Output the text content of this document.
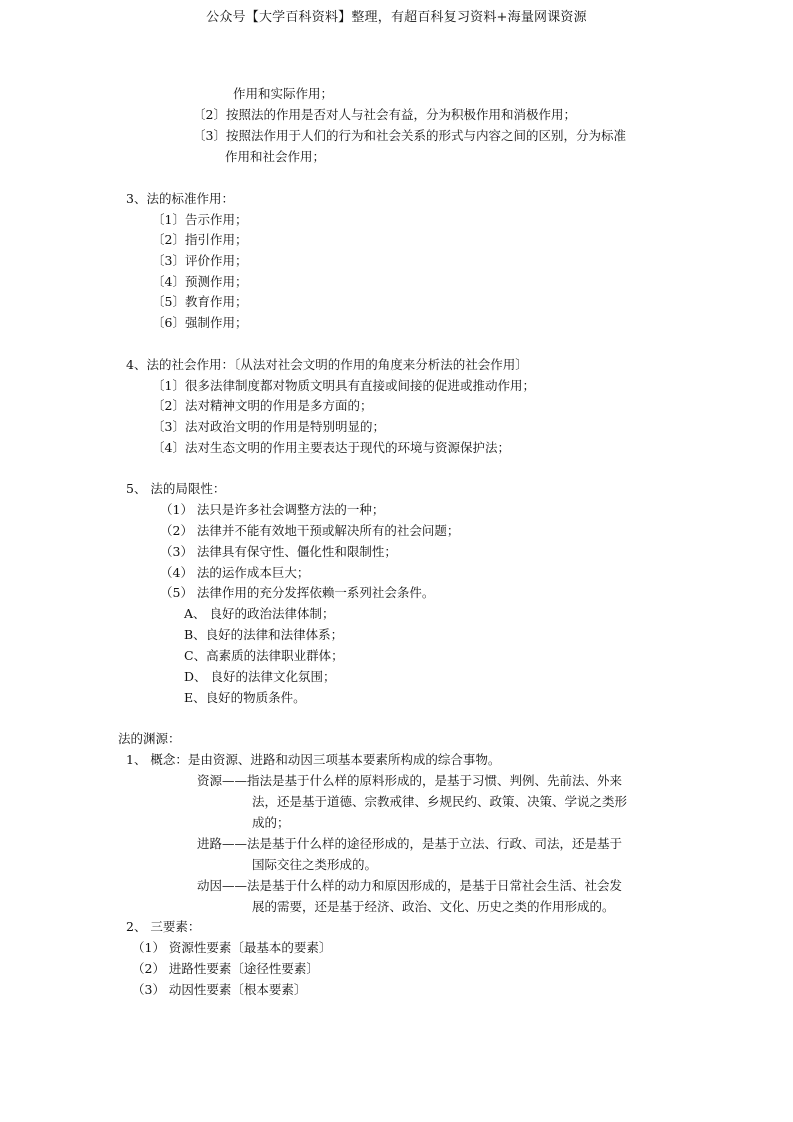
公众号【大学百科资料】整理，有超百科复习资料+海量网课资源
作用和实际作用；
〔2〕按照法的作用是否对人与社会有益，分为积极作用和消极作用；
〔3〕按照法作用于人们的行为和社会关系的形式与内容之间的区别，分为标准
作用和社会作用；
3、法的标准作用：
〔1〕告示作用；
〔2〕指引作用；
〔3〕评价作用；
〔4〕预测作用；
〔5〕教育作用；
〔6〕强制作用；
4、法的社会作用：〔从法对社会文明的作用的角度来分析法的社会作用〕
〔1〕很多法律制度都对物质文明具有直接或间接的促进或推动作用；
〔2〕法对精神文明的作用是多方面的；
〔3〕法对政治文明的作用是特别明显的；
〔4〕法对生态文明的作用主要表达于现代的环境与资源保护法；
5、 法的局限性：
（1） 法只是许多社会调整方法的一种；
（2） 法律并不能有效地干预或解决所有的社会问题；
（3） 法律具有保守性、僵化性和限制性；
（4） 法的运作成本巨大；
（5） 法律作用的充分发挥依赖一系列社会条件。
A、 良好的政治法律体制；
B、良好的法律和法律体系；
C、高素质的法律职业群体；
D、 良好的法律文化氛围；
E、良好的物质条件。
法的渊源：
1、 概念：是由资源、进路和动因三项基本要素所构成的综合事物。
资源——指法是基于什么样的原料形成的，是基于习惯、判例、先前法、外来
法，还是基于道德、宗教戒律、乡规民约、政策、决策、学说之类形
成的；
进路——法是基于什么样的途径形成的，是基于立法、行政、司法，还是基于
国际交往之类形成的。
动因——法是基于什么样的动力和原因形成的，是基于日常社会生活、社会发
展的需要，还是基于经济、政治、文化、历史之类的作用形成的。
2、 三要素：
（1） 资源性要素〔最基本的要素〕
（2） 进路性要素〔途径性要素〕
（3） 动因性要素〔根本要素〕
